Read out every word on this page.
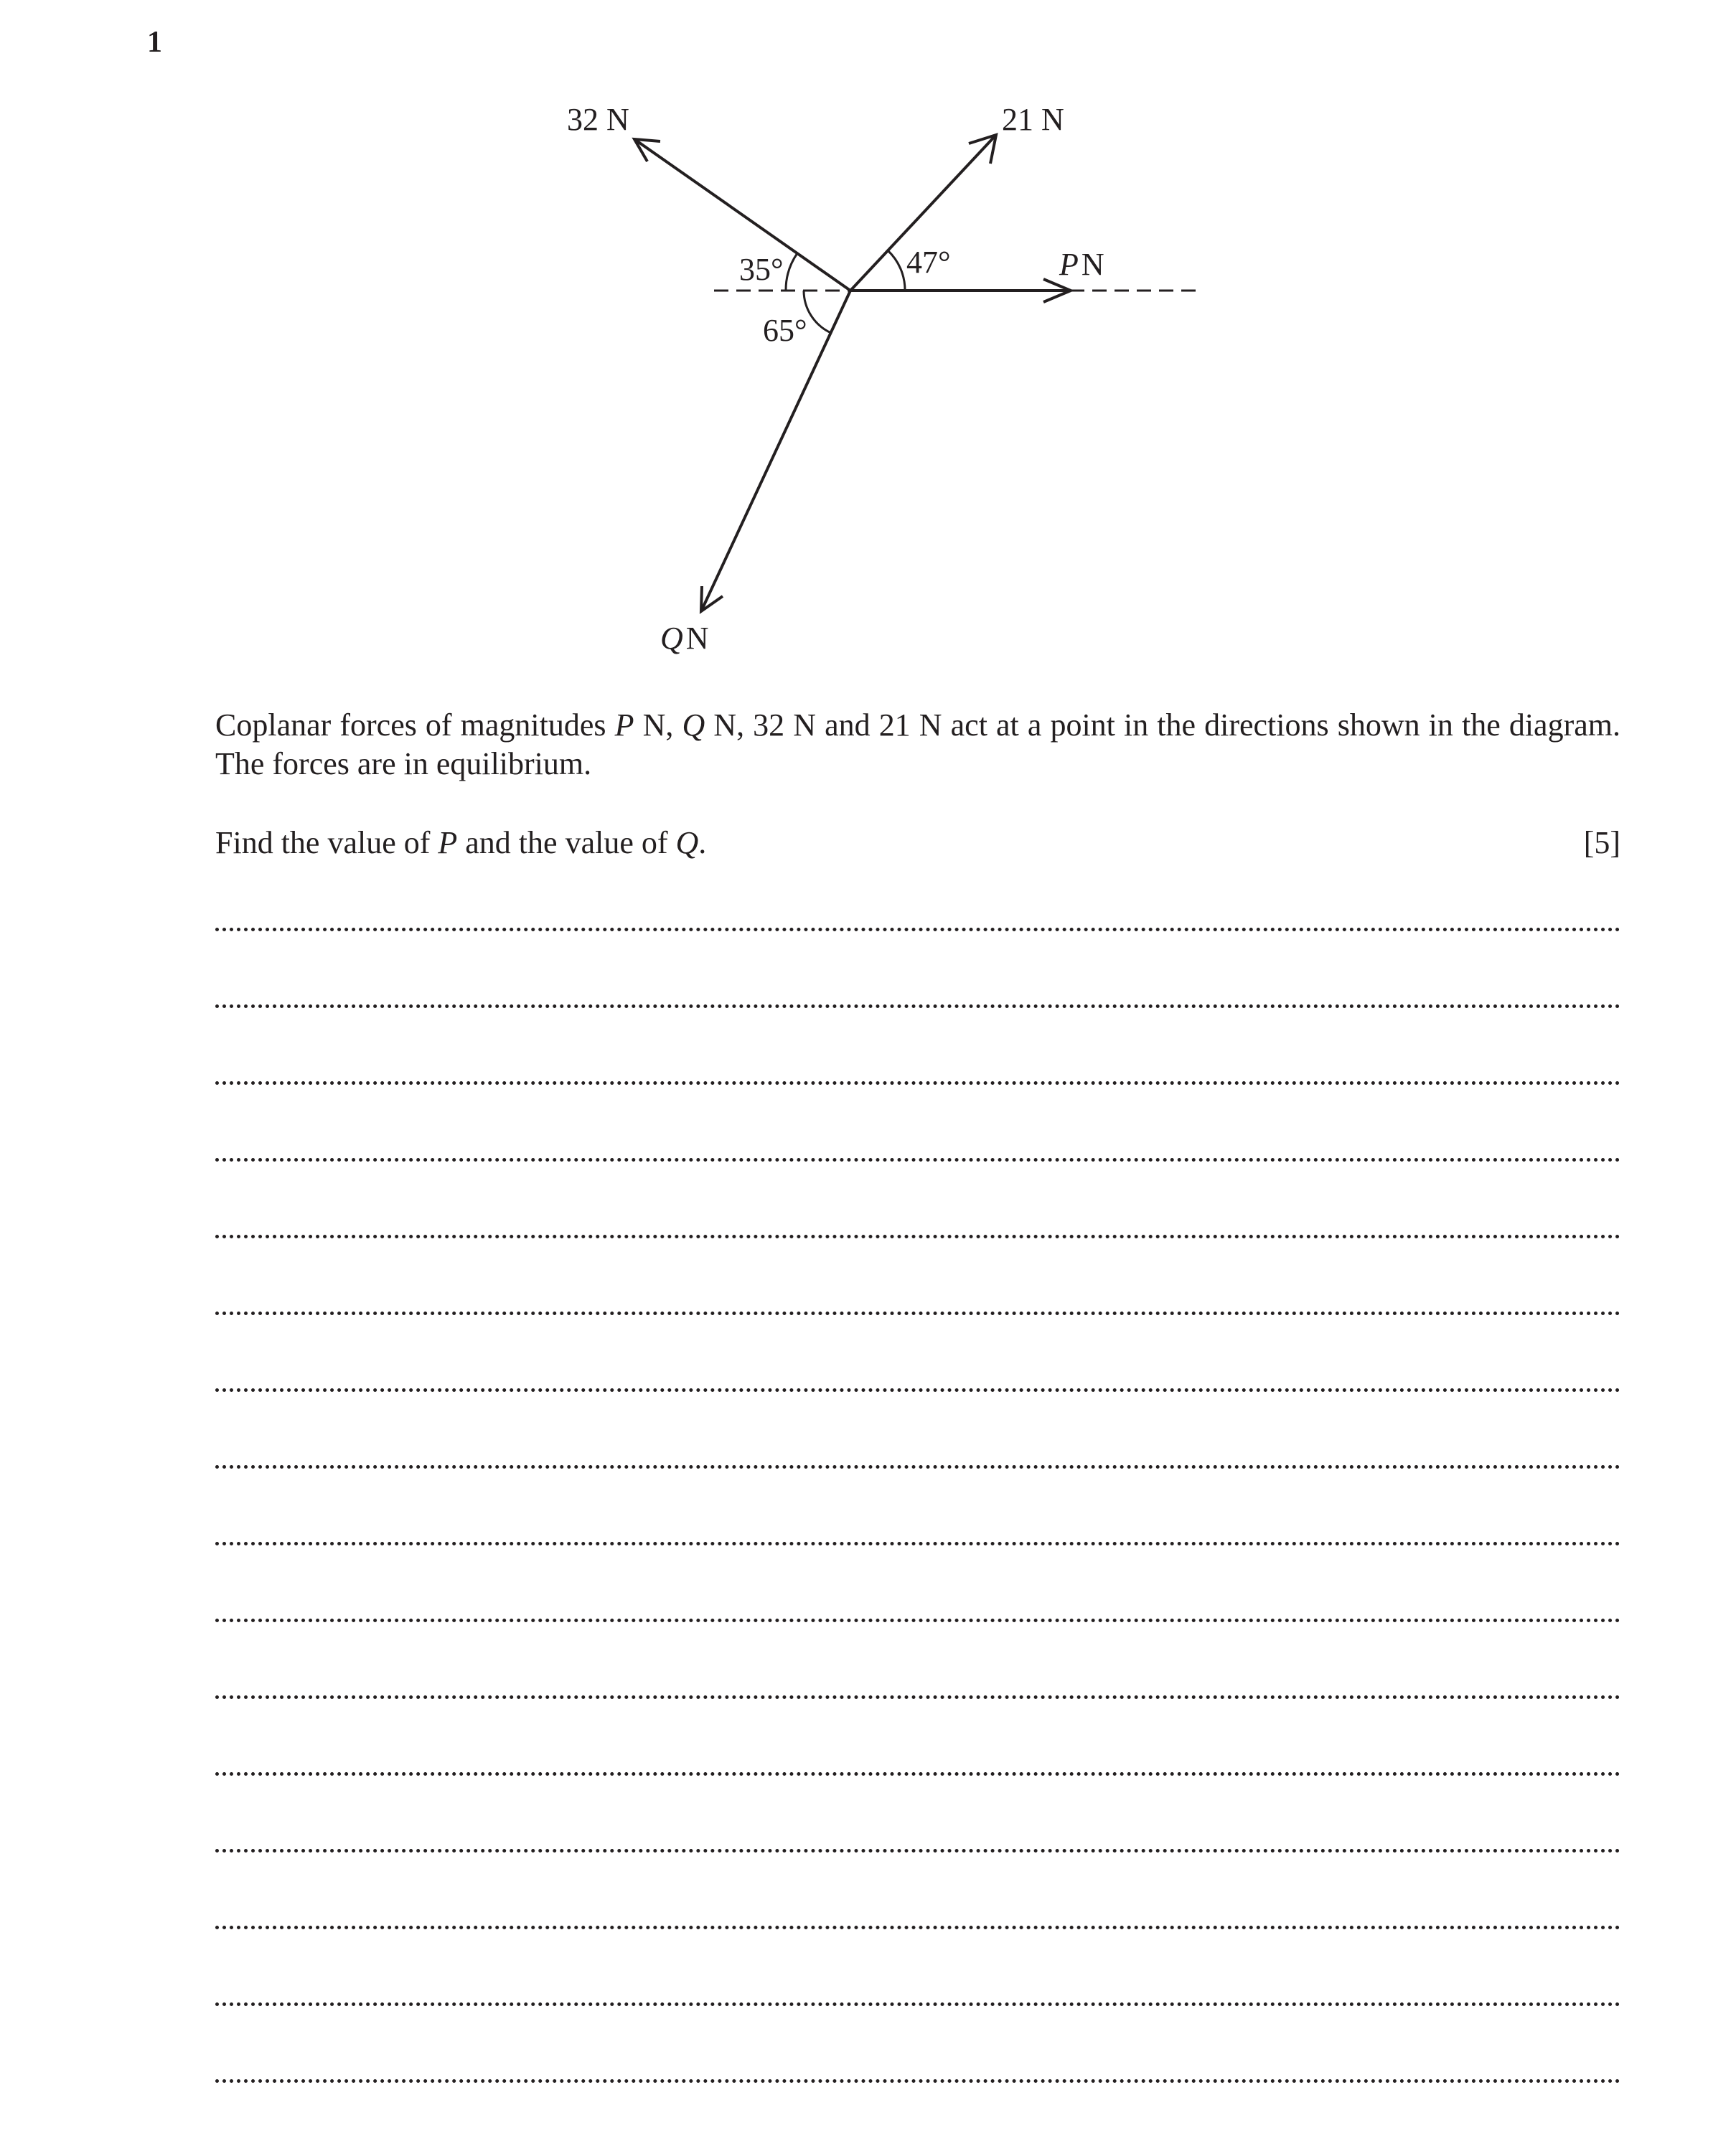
1
32 N	21 N
PN
QN
35°	47°
65°
Coplanar forces of magnitudes P N, Q N, 32 N and 21 N act at a point in the directions shown in the diagram. The forces are in equilibrium.
Find the value of P and the value of Q.	[5]
